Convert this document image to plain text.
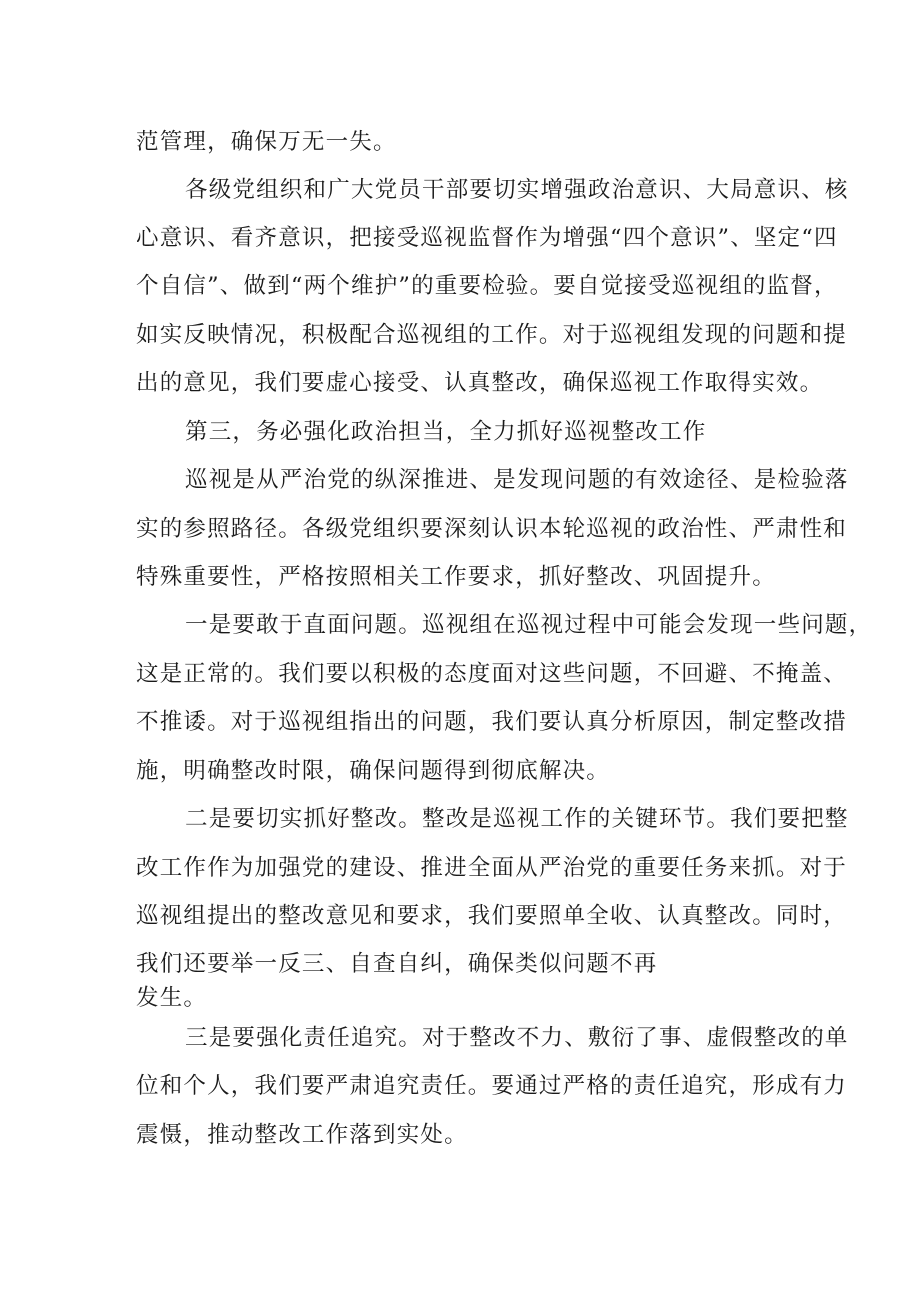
范管理，确保万无一失。
各级党组织和广大党员干部要切实增强政治意识、大局意识、核
心意识、看齐意识，把接受巡视监督作为增强“四个意识”、坚定“四
个自信”、做到“两个维护”的重要检验。要自觉接受巡视组的监督，
如实反映情况，积极配合巡视组的工作。对于巡视组发现的问题和提
出的意见，我们要虚心接受、认真整改，确保巡视工作取得实效。
第三，务必强化政治担当，全力抓好巡视整改工作
巡视是从严治党的纵深推进、是发现问题的有效途径、是检验落
实的参照路径。各级党组织要深刻认识本轮巡视的政治性、严肃性和
特殊重要性，严格按照相关工作要求，抓好整改、巩固提升。
一是要敢于直面问题。巡视组在巡视过程中可能会发现一些问题，
这是正常的。我们要以积极的态度面对这些问题，不回避、不掩盖、
不推诿。对于巡视组指出的问题，我们要认真分析原因，制定整改措
施，明确整改时限，确保问题得到彻底解决。
二是要切实抓好整改。整改是巡视工作的关键环节。我们要把整
改工作作为加强党的建设、推进全面从严治党的重要任务来抓。对于
巡视组提出的整改意见和要求，我们要照单全收、认真整改。同时，
我们还要举一反三、自查自纠，确保类似问题不再
发生。
三是要强化责任追究。对于整改不力、敷衍了事、虚假整改的单
位和个人，我们要严肃追究责任。要通过严格的责任追究，形成有力
震慑，推动整改工作落到实处。
